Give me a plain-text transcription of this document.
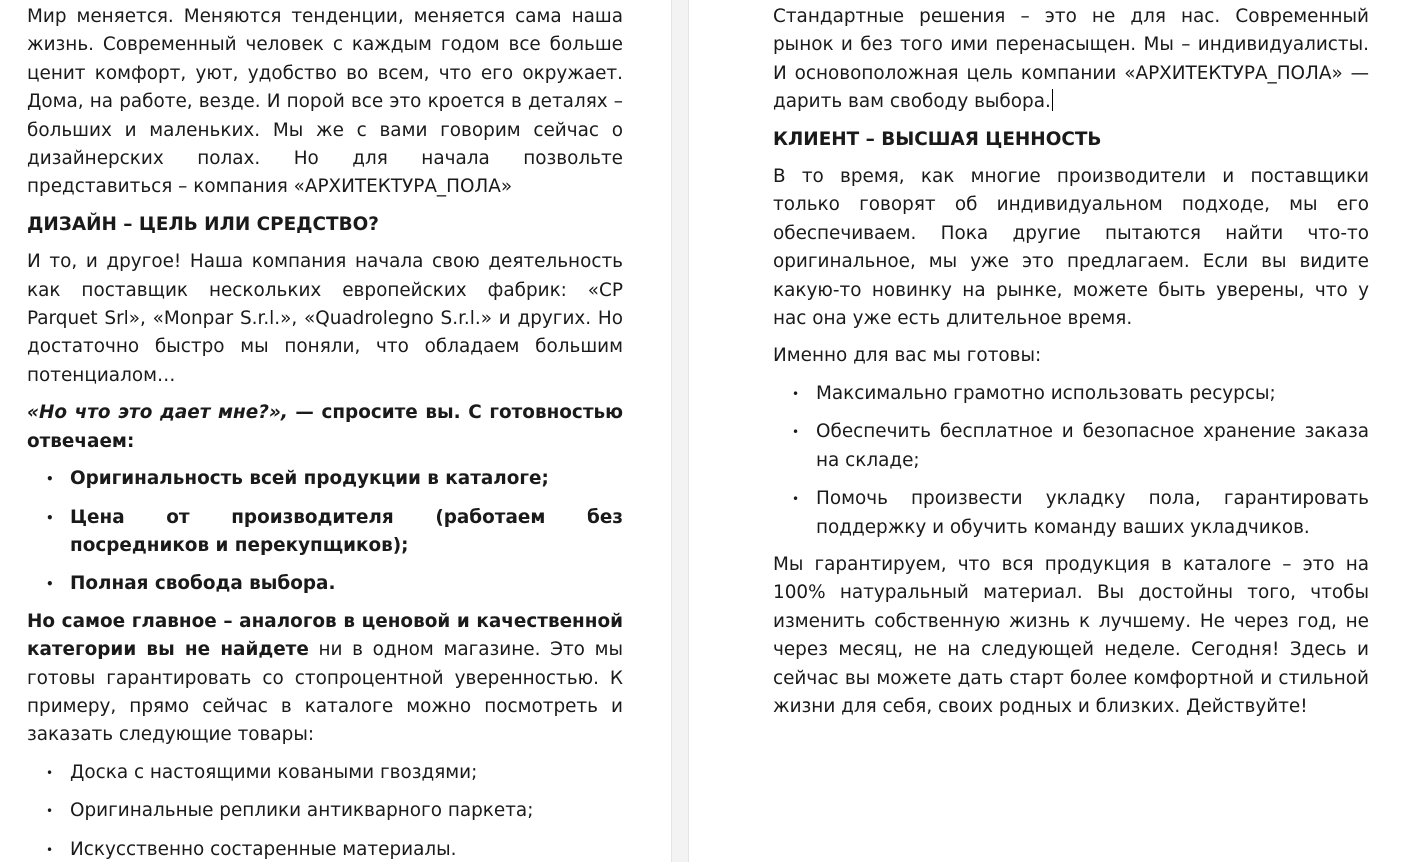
Мир меняется. Меняются тенденции, меняется сама наша жизнь. Современный человек с каждым годом все больше ценит комфорт, уют, удобство во всем, что его окружает. Дома, на работе, везде. И порой все это кроется в деталях – больших и маленьких. Мы же с вами говорим сейчас о дизайнерских полах. Но для начала позвольте представиться – компания «АРХИТЕКТУРА_ПОЛА»

ДИЗАЙН – ЦЕЛЬ ИЛИ СРЕДСТВО?

И то, и другое! Наша компания начала свою деятельность как поставщик нескольких европейских фабрик: «CP Parquet Srl», «Monpar S.r.l.», «Quadrolegno S.r.l.» и других. Но достаточно быстро мы поняли, что обладаем большим потенциалом…

«Но что это дает мне?», — спросите вы. С готовностью отвечаем:

• Оригинальность всей продукции в каталоге;
• Цена от производителя (работаем без посредников и перекупщиков);
• Полная свобода выбора.

Но самое главное – аналогов в ценовой и качественной категории вы не найдете ни в одном магазине. Это мы готовы гарантировать со стопроцентной уверенностью. К примеру, прямо сейчас в каталоге можно посмотреть и заказать следующие товары:

• Доска с настоящими коваными гвоздями;
• Оригинальные реплики антикварного паркета;
• Искусственно состаренные материалы.

Стандартные решения – это не для нас. Современный рынок и без того ими перенасыщен. Мы – индивидуалисты. И основоположная цель компании «АРХИТЕКТУРА_ПОЛА» — дарить вам свободу выбора.

КЛИЕНТ – ВЫСШАЯ ЦЕННОСТЬ

В то время, как многие производители и поставщики только говорят об индивидуальном подходе, мы его обеспечиваем. Пока другие пытаются найти что-то оригинальное, мы уже это предлагаем. Если вы видите какую-то новинку на рынке, можете быть уверены, что у нас она уже есть длительное время.

Именно для вас мы готовы:

• Максимально грамотно использовать ресурсы;
• Обеспечить бесплатное и безопасное хранение заказа на складе;
• Помочь произвести укладку пола, гарантировать поддержку и обучить команду ваших укладчиков.

Мы гарантируем, что вся продукция в каталоге – это на 100% натуральный материал. Вы достойны того, чтобы изменить собственную жизнь к лучшему. Не через год, не через месяц, не на следующей неделе. Сегодня! Здесь и сейчас вы можете дать старт более комфортной и стильной жизни для себя, своих родных и близких. Действуйте!
